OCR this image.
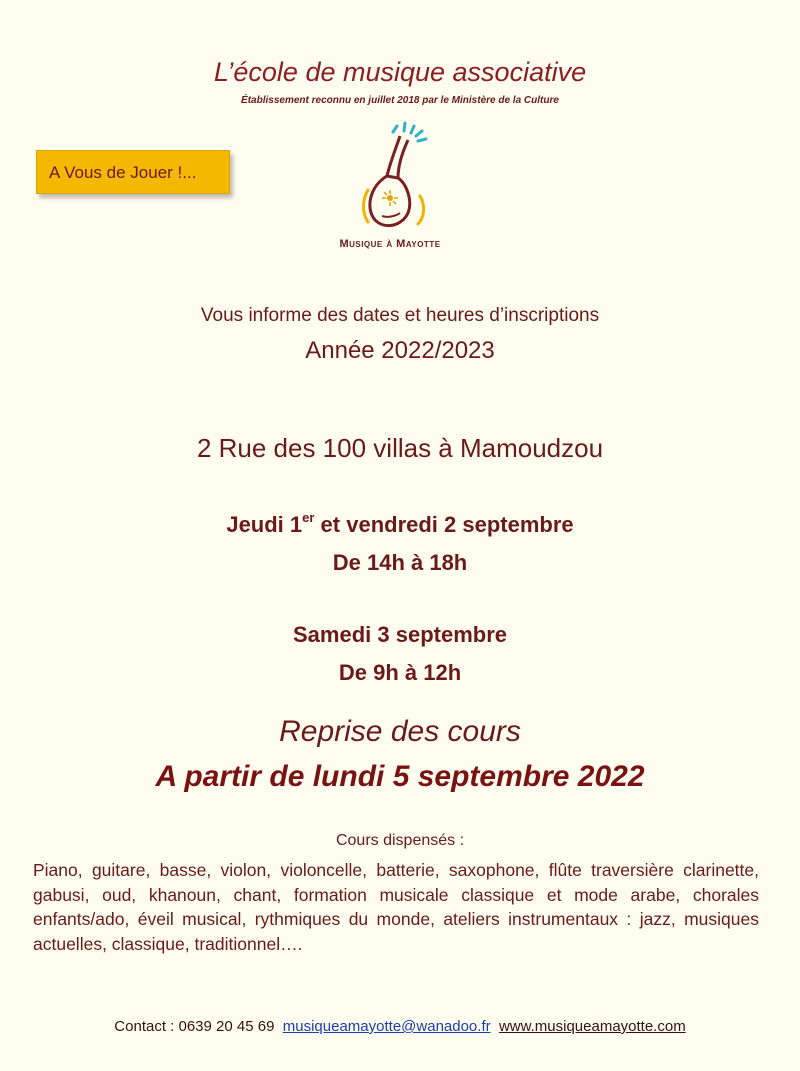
L’école de musique associative
Établissement reconnu en juillet 2018 par le Ministère de la Culture
A Vous de Jouer !...
Musique à Mayotte
Vous informe des dates et heures d’inscriptions
Année 2022/2023
2 Rue des 100 villas à Mamoudzou
Jeudi 1er et vendredi 2 septembre
De 14h à 18h
Samedi 3 septembre
De 9h à 12h
Reprise des cours
A partir de lundi 5 septembre 2022
Cours dispensés :
Piano, guitare, basse, violon, violoncelle, batterie, saxophone, flûte traversière clarinette, gabusi, oud, khanoun, chant, formation musicale classique et mode arabe, chorales enfants/ado, éveil musical, rythmiques du monde, ateliers instrumentaux : jazz, musiques actuelles, classique, traditionnel….
Contact : 0639 20 45 69 musiqueamayotte@wanadoo.fr www.musiqueamayotte.com
